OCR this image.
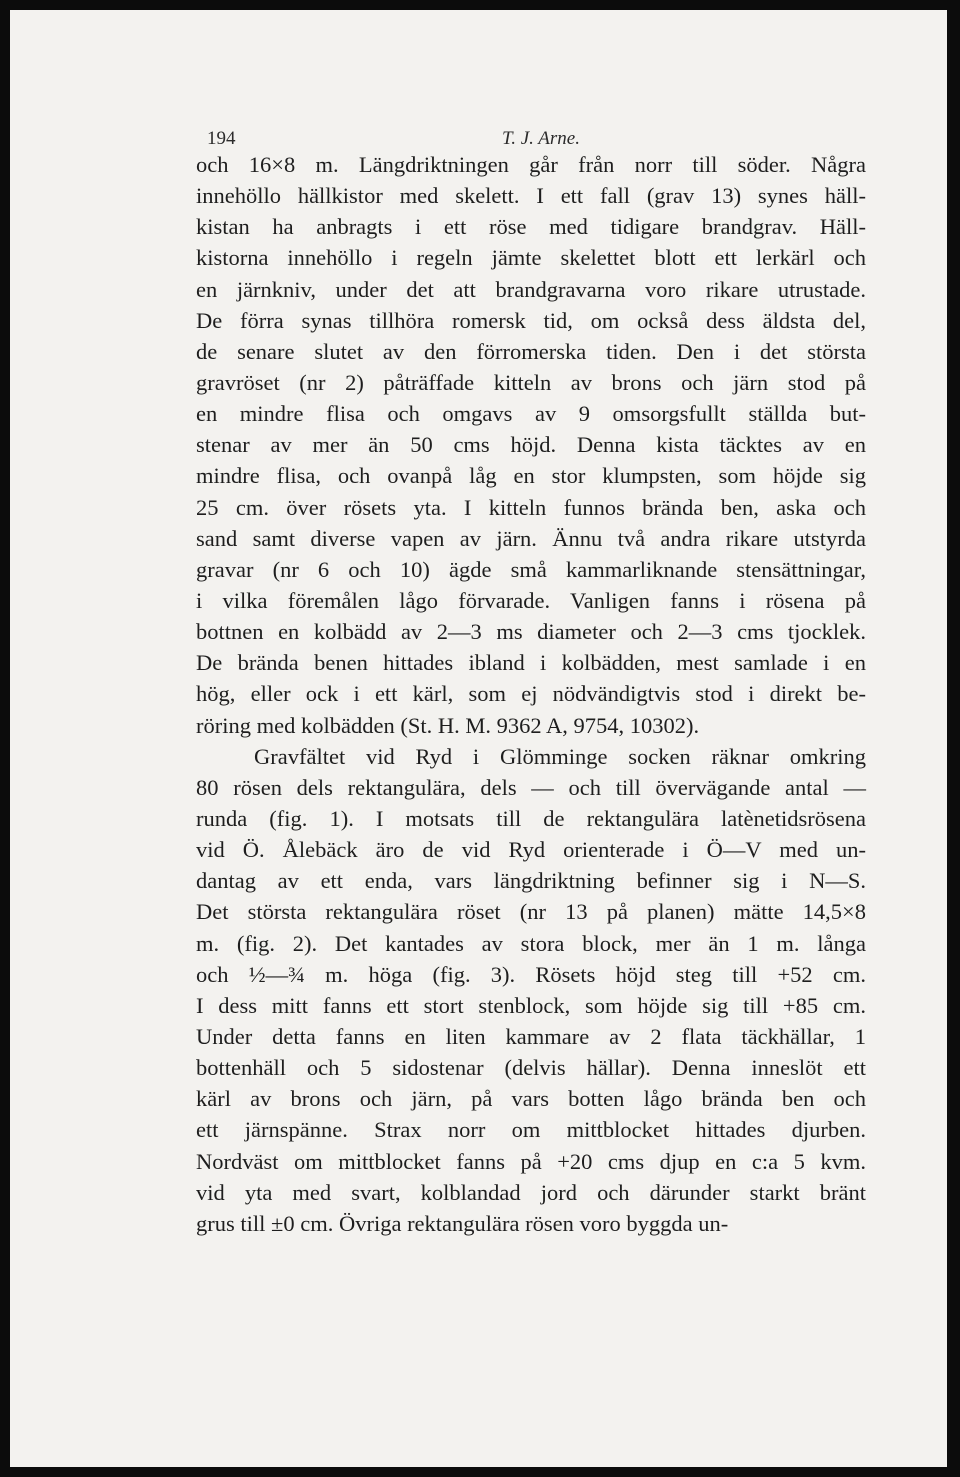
194	T. J. Arne.
och 16×8 m. Längdriktningen går från norr till söder. Några
innehöllo hällkistor med skelett. I ett fall (grav 13) synes häll-
kistan ha anbragts i ett röse med tidigare brandgrav. Häll-
kistorna innehöllo i regeln jämte skelettet blott ett lerkärl och
en järnkniv, under det att brandgravarna voro rikare utrustade.
De förra synas tillhöra romersk tid, om också dess äldsta del,
de senare slutet av den förromerska tiden. Den i det största
gravröset (nr 2) påträffade kitteln av brons och järn stod på
en mindre flisa och omgavs av 9 omsorgsfullt ställda but-
stenar av mer än 50 cms höjd. Denna kista täcktes av en
mindre flisa, och ovanpå låg en stor klumpsten, som höjde sig
25 cm. över rösets yta. I kitteln funnos brända ben, aska och
sand samt diverse vapen av järn. Ännu två andra rikare utstyrda
gravar (nr 6 och 10) ägde små kammarliknande stensättningar,
i vilka föremålen lågo förvarade. Vanligen fanns i rösena på
bottnen en kolbädd av 2—3 ms diameter och 2—3 cms tjocklek.
De brända benen hittades ibland i kolbädden, mest samlade i en
hög, eller ock i ett kärl, som ej nödvändigtvis stod i direkt be-
röring med kolbädden (St. H. M. 9362 A, 9754, 10302).
Gravfältet vid Ryd i Glömminge socken räknar omkring
80 rösen dels rektangulära, dels — och till övervägande antal —
runda (fig. 1). I motsats till de rektangulära latènetidsrösena
vid Ö. Ålebäck äro de vid Ryd orienterade i Ö—V med un-
dantag av ett enda, vars längdriktning befinner sig i N—S.
Det största rektangulära röset (nr 13 på planen) mätte 14,5×8
m. (fig. 2). Det kantades av stora block, mer än 1 m. långa
och ½—¾ m. höga (fig. 3). Rösets höjd steg till +52 cm.
I dess mitt fanns ett stort stenblock, som höjde sig till +85 cm.
Under detta fanns en liten kammare av 2 flata täckhällar, 1
bottenhäll och 5 sidostenar (delvis hällar). Denna inneslöt ett
kärl av brons och järn, på vars botten lågo brända ben och
ett järnspänne. Strax norr om mittblocket hittades djurben.
Nordväst om mittblocket fanns på +20 cms djup en c:a 5 kvm.
vid yta med svart, kolblandad jord och därunder starkt bränt
grus till ±0 cm. Övriga rektangulära rösen voro byggda un-
